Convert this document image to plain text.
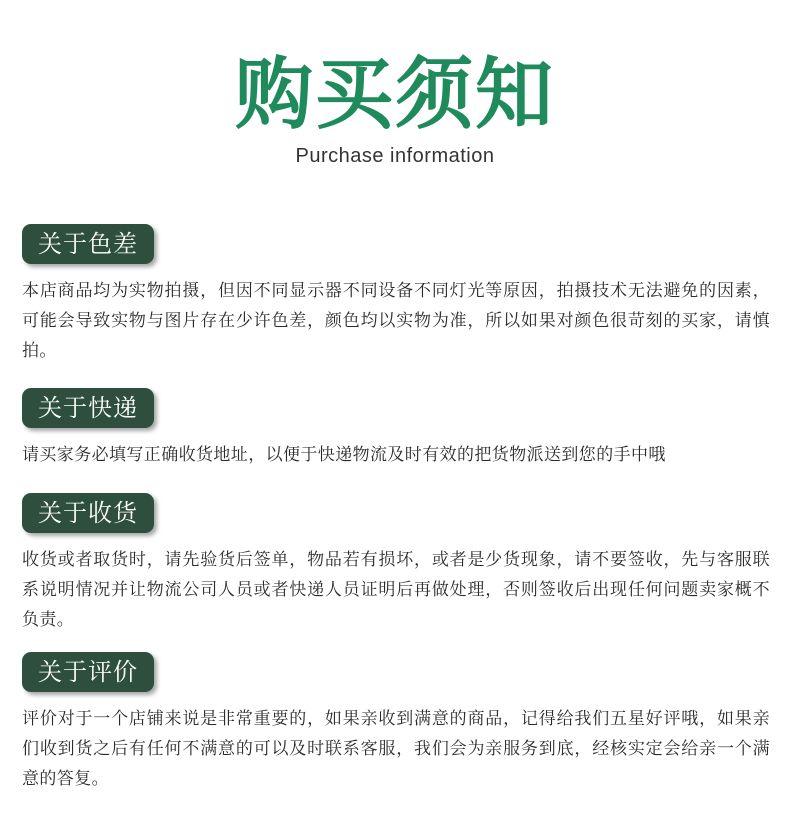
购买须知
Purchase information
关于色差
本店商品均为实物拍摄，但因不同显示器不同设备不同灯光等原因，拍摄技术无法避免的因素，可能会导致实物与图片存在少许色差，颜色均以实物为准，所以如果对颜色很苛刻的买家，请慎拍。
关于快递
请买家务必填写正确收货地址，以便于快递物流及时有效的把货物派送到您的手中哦
关于收货
收货或者取货时，请先验货后签单，物品若有损坏，或者是少货现象，请不要签收，先与客服联系说明情况并让物流公司人员或者快递人员证明后再做处理，否则签收后出现任何问题卖家概不负责。
关于评价
评价对于一个店铺来说是非常重要的，如果亲收到满意的商品，记得给我们五星好评哦，如果亲们收到货之后有任何不满意的可以及时联系客服，我们会为亲服务到底，经核实定会给亲一个满意的答复。
